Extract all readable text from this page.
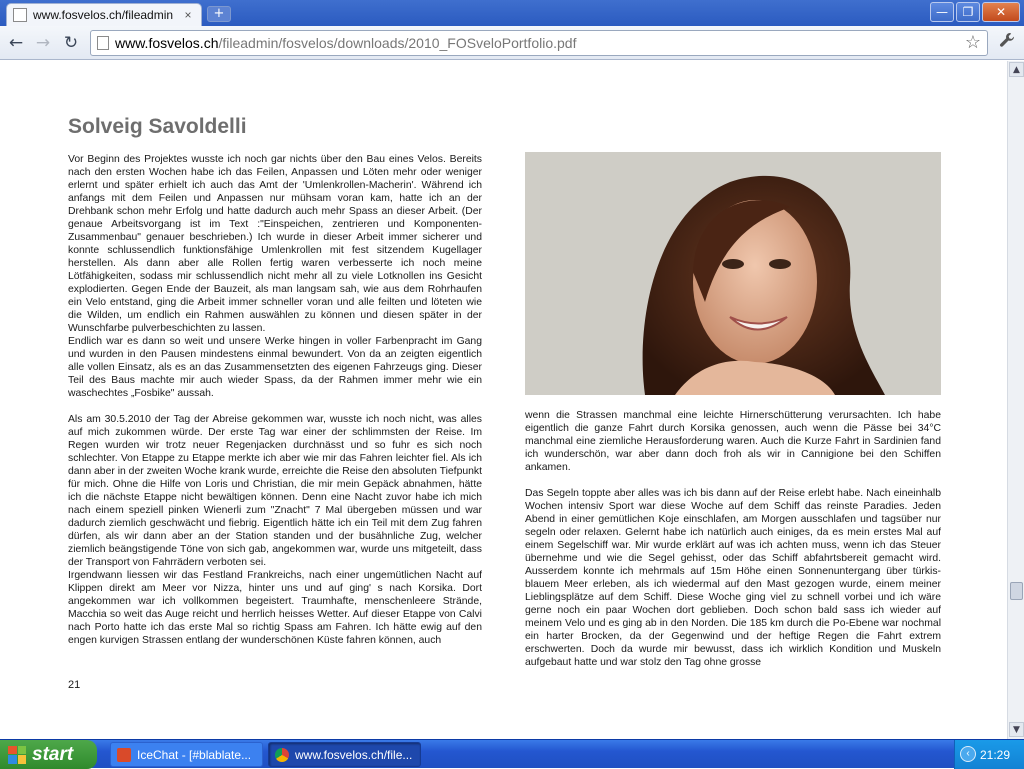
www.fosvelos.ch/fileadmin ×	+	—	❐	✕
← → ↻	www.fosvelos.ch /fileadmin/fosvelos/downloads/2010_FOSveloPortfolio.pdf	☆
Solveig Savoldelli

Vor Beginn des Projektes wusste ich noch gar nichts über den Bau eines Velos. Bereits nach den ersten Wochen habe ich das Feilen, Anpassen und Löten mehr oder weniger erlernt und später erhielt ich auch das Amt der 'Umlenkrollen-Macherin'. Während ich anfangs mit dem Feilen und Anpassen nur mühsam voran kam, hatte ich an der Drehbank schon mehr Erfolg und hatte dadurch auch mehr Spass an dieser Arbeit. (Der genaue Arbeitsvorgang ist im Text :"Einspeichen, zentrieren und Komponenten-Zusammenbau" genauer beschrieben.) Ich wurde in dieser Arbeit immer sicherer und konnte schlussendlich funktionsfähige Umlenkrollen mit fest sitzendem Kugellager herstellen. Als dann aber alle Rollen fertig waren verbesserte ich noch meine Lötfähigkeiten, sodass mir schlussendlich nicht mehr all zu viele Lotknollen ins Gesicht explodierten. Gegen Ende der Bauzeit, als man langsam sah, wie aus dem Rohrhaufen ein Velo entstand, ging die Arbeit immer schneller voran und alle feilten und löteten wie die Wilden, um endlich ein Rahmen auswählen zu können und diesen später in der Wunschfarbe pulverbeschichten zu lassen.

Endlich war es dann so weit und unsere Werke hingen in voller Farbenpracht im Gang und wurden in den Pausen mindestens einmal bewundert. Von da an zeigten eigentlich alle vollen Einsatz, als es an das Zusammensetzten des eigenen Fahrzeugs ging. Dieser Teil des Baus machte mir auch wieder Spass, da der Rahmen immer mehr wie ein waschechtes „Fosbike" aussah.

Als am 30.5.2010 der Tag der Abreise gekommen war, wusste ich noch nicht, was alles auf mich zukommen würde. Der erste Tag war einer der schlimmsten der Reise. Im Regen wurden wir trotz neuer Regenjacken durchnässt und so fuhr es sich noch schlechter. Von Etappe zu Etappe merkte ich aber wie mir das Fahren leichter fiel. Als ich dann aber in der zweiten Woche krank wurde, erreichte die Reise den absoluten Tiefpunkt für mich. Ohne die Hilfe von Loris und Christian, die mir mein Gepäck abnahmen, hätte ich die nächste Etappe nicht bewältigen können. Denn eine Nacht zuvor habe ich mich nach einem speziell pinken Wienerli zum "Znacht" 7 Mal übergeben müssen und war dadurch ziemlich geschwächt und fiebrig. Eigentlich hätte ich ein Teil mit dem Zug fahren dürfen, als wir dann aber an der Station standen und der busähnliche Zug, welcher ziemlich beängstigende Töne von sich gab, angekommen war, wurde uns mitgeteilt, dass der Transport von Fahrrädern verboten sei.

Irgendwann liessen wir das Festland Frankreichs, nach einer ungemütlichen Nacht auf Klippen direkt am Meer vor Nizza, hinter uns und auf ging' s nach Korsika. Dort angekommen war ich vollkommen begeistert. Traumhafte, menschenleere Strände, Macchia so weit das Auge reicht und herrlich heisses Wetter. Auf dieser Etappe von Calvi nach Porto hatte ich das erste Mal so richtig Spass am Fahren. Ich hätte ewig auf den engen kurvigen Strassen entlang der wunderschönen Küste fahren können, auch

wenn die Strassen manchmal eine leichte Hirnerschütterung verursachten. Ich habe eigentlich die ganze Fahrt durch Korsika genossen, auch wenn die Pässe bei 34°C manchmal eine ziemliche Herausforderung waren. Auch die Kurze Fahrt in Sardinien fand ich wunderschön, war aber dann doch froh als wir in Cannigione bei den Schiffen ankamen.

Das Segeln toppte aber alles was ich bis dann auf der Reise erlebt habe. Nach eineinhalb Wochen intensiv Sport war diese Woche auf dem Schiff das reinste Paradies. Jeden Abend in einer gemütlichen Koje einschlafen, am Morgen ausschlafen und tagsüber nur segeln oder relaxen. Gelernt habe ich natürlich auch einiges, da es mein erstes Mal auf einem Segelschiff war. Mir wurde erklärt auf was ich achten muss, wenn ich das Steuer übernehme und wie die Segel gehisst, oder das Schiff abfahrtsbereit gemacht wird. Ausserdem konnte ich mehrmals auf 15m Höhe einen Sonnenuntergang über türkis-blauem Meer erleben, als ich wiedermal auf den Mast gezogen wurde, einem meiner Lieblingsplätze auf dem Schiff. Diese Woche ging viel zu schnell vorbei und ich wäre gerne noch ein paar Wochen dort geblieben. Doch schon bald sass ich wieder auf meinem Velo und es ging ab in den Norden. Die 185 km durch die Po-Ebene war nochmal ein harter Brocken, da der Gegenwind und der heftige Regen die Fahrt extrem erschwerten. Doch da wurde mir bewusst, dass ich wirklich Kondition und Muskeln aufgebaut hatte und war stolz den Tag ohne grosse

21
▲
▼
start	IceChat - [#blablate...	www.fosvelos.ch/file...	‹ 21:29
